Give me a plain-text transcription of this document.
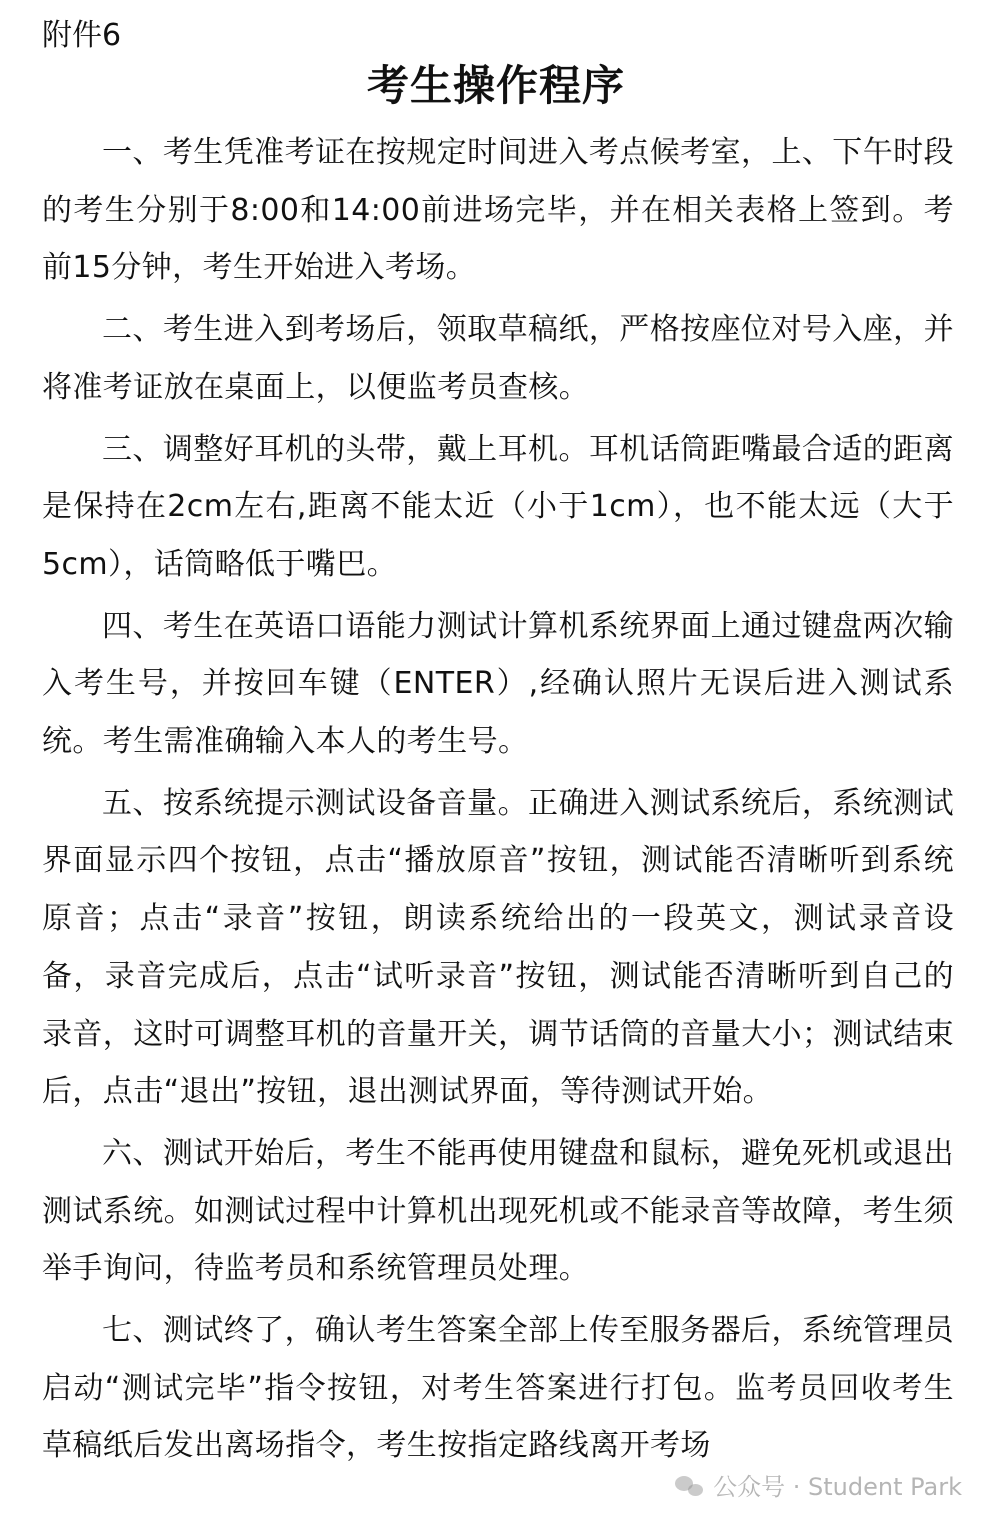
附件6

考生操作程序

一、考生凭准考证在按规定时间进入考点候考室，上、下午时段的考生分别于8:00和14:00前进场完毕，并在相关表格上签到。考前15分钟，考生开始进入考场。

二、考生进入到考场后，领取草稿纸，严格按座位对号入座，并将准考证放在桌面上，以便监考员查核。

三、调整好耳机的头带，戴上耳机。耳机话筒距嘴最合适的距离是保持在2cm左右,距离不能太近（小于1cm），也不能太远（大于5cm），话筒略低于嘴巴。

四、考生在英语口语能力测试计算机系统界面上通过键盘两次输入考生号，并按回车键（ENTER）,经确认照片无误后进入测试系统。考生需准确输入本人的考生号。

五、按系统提示测试设备音量。正确进入测试系统后，系统测试界面显示四个按钮，点击“播放原音”按钮，测试能否清晰听到系统原音；点击“录音”按钮，朗读系统给出的一段英文，测试录音设备，录音完成后，点击“试听录音”按钮，测试能否清晰听到自己的录音，这时可调整耳机的音量开关，调节话筒的音量大小；测试结束后，点击“退出”按钮，退出测试界面，等待测试开始。

六、测试开始后，考生不能再使用键盘和鼠标，避免死机或退出测试系统。如测试过程中计算机出现死机或不能录音等故障，考生须举手询问，待监考员和系统管理员处理。

七、测试终了，确认考生答案全部上传至服务器后，系统管理员启动“测试完毕”指令按钮，对考生答案进行打包。监考员回收考生草稿纸后发出离场指令，考生按指定路线离开考场

公众号 · Student Park
